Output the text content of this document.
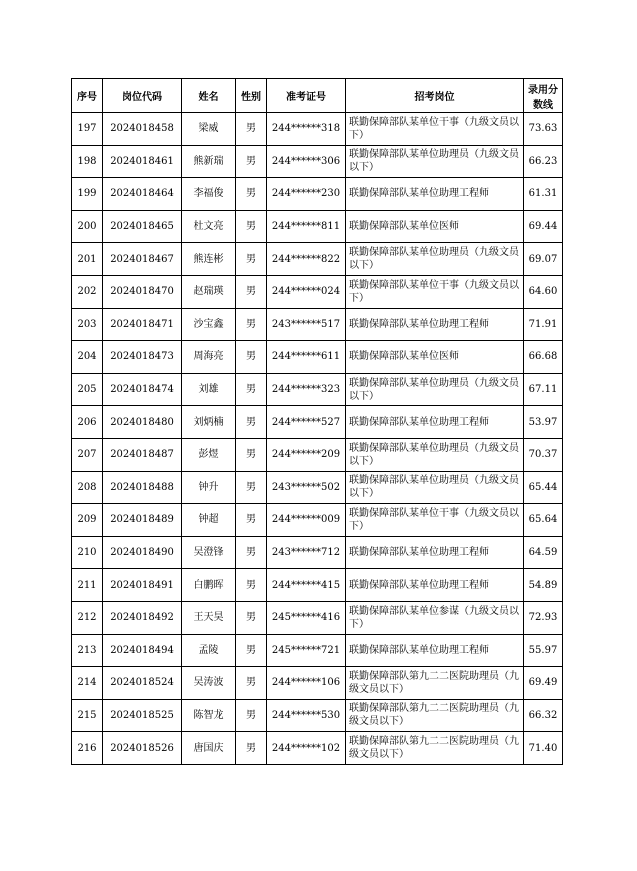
序号	岗位代码	姓名	性别	准考证号	招考岗位	录用分数线
197	2024018458	梁威	男	244******318	联勤保障部队某单位干事（九级文员以下）	73.63
198	2024018461	熊新瑞	男	244******306	联勤保障部队某单位助理员（九级文员以下）	66.23
199	2024018464	李福俊	男	244******230	联勤保障部队某单位助理工程师	61.31
200	2024018465	杜文亮	男	244******811	联勤保障部队某单位医师	69.44
201	2024018467	熊连彬	男	244******822	联勤保障部队某单位助理员（九级文员以下）	69.07
202	2024018470	赵瑞瑛	男	244******024	联勤保障部队某单位干事（九级文员以下）	64.60
203	2024018471	沙宝鑫	男	243******517	联勤保障部队某单位助理工程师	71.91
204	2024018473	周海亮	男	244******611	联勤保障部队某单位医师	66.68
205	2024018474	刘雄	男	244******323	联勤保障部队某单位助理员（九级文员以下）	67.11
206	2024018480	刘炳楠	男	244******527	联勤保障部队某单位助理工程师	53.97
207	2024018487	彭煜	男	244******209	联勤保障部队某单位助理员（九级文员以下）	70.37
208	2024018488	钟升	男	243******502	联勤保障部队某单位助理员（九级文员以下）	65.44
209	2024018489	钟超	男	244******009	联勤保障部队某单位干事（九级文员以下）	65.64
210	2024018490	吴澄锋	男	243******712	联勤保障部队某单位助理工程师	64.59
211	2024018491	白鹏晖	男	244******415	联勤保障部队某单位助理工程师	54.89
212	2024018492	王天昊	男	245******416	联勤保障部队某单位参谋（九级文员以下）	72.93
213	2024018494	孟陵	男	245******721	联勤保障部队某单位助理工程师	55.97
214	2024018524	吴涛波	男	244******106	联勤保障部队第九二二医院助理员（九级文员以下）	69.49
215	2024018525	陈智龙	男	244******530	联勤保障部队第九二二医院助理员（九级文员以下）	66.32
216	2024018526	唐国庆	男	244******102	联勤保障部队第九二二医院助理员（九级文员以下）	71.40
